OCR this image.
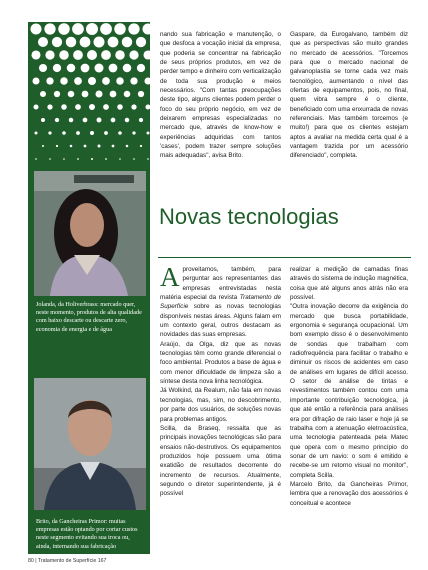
Jolanda, da Holiverbrass: mercado quer, neste momento, produtos de alta qualidade com baixo descarte ou descarte zero, economia de energia e de água
Brito, da Gancheiras Primor: muitas empresas estão optando por cortar custos neste segmento evitando sua troca ou, ainda, internando sua fabricação

nando sua fabricação e manutenção, o que desfoca a vocação inicial da empresa, que poderia se concentrar na fabricação de seus próprios produtos, em vez de perder tempo e dinheiro com verticalização de toda sua produção e meios necessários. "Com tantas preocupações deste tipo, alguns clientes podem perder o foco do seu próprio negócio, em vez de deixarem empresas especializadas no mercado que, através de know-how e experiências adquiridas com tantos 'cases', podem trazer sempre soluções mais adequadas", avisa Brito.

Gaspare, da Eurogalvano, também diz que as perspectivas são muito grandes no mercado de acessórios. "Torcemos para que o mercado nacional de galvanoplastia se torne cada vez mais tecnológico, aumentando o nível das ofertas de equipamentos, pois, no final, quem vibra sempre é o cliente, beneficiado com uma enxurrada de novas referenciais. Mas também torcemos (e muito!) para que os clientes estejam aptos a avaliar na medida certa qual é a vantagem trazida por um acessório diferenciado", completa.

Novas tecnologias

Aproveitamos, também, para perguntar aos representantes das empresas entrevistadas nesta matéria especial da revista Tratamento de Superfície sobre as novas tecnologias disponíveis nestas áreas. Alguns falam em um contexto geral, outros destacam as novidades das suas empresas.

Araújo, da Olga, diz que as novas tecnologias têm como grande diferencial o foco ambiental. Produtos a base de água e com menor dificuldade de limpeza são a síntese desta nova linha tecnológica.

Já Wolkind, da Realum, não fala em novas tecnologias, mas, sim, no descobrimento, por parte dos usuários, de soluções novas para problemas antigos.

Scilla, da Braseq, ressalta que as principais inovações tecnológicas são para ensaios não-destrutivos. Os equipamentos produzidos hoje possuem uma ótima exatidão de resultados decorrente do incremento de recursos. Atualmente, segundo o diretor superintendente, já é possível

realizar a medição de camadas finas através do sistema de indução magnética, coisa que até alguns anos atrás não era possível.

"Outra inovação decorre da exigência do mercado que busca portabilidade, ergonomia e segurança ocupacional. Um bom exemplo disso é o desenvolvimento de sondas que trabalham com radiofrequência para facilitar o trabalho e diminuir os riscos de acidentes em caso de análises em lugares de difícil acesso. O setor de análise de tintas e revestimentos também contou com uma importante contribuição tecnológica, já que até então a referência para análises era por difração de raio laser e hoje já se trabalha com a atenuação eletroacústica, uma tecnologia patenteada pela Matec que opera com o mesmo princípio do sonar de um navio: o som é emitido e recebe-se um retorno visual no monitor", completa Scilla.

Marcelo Brito, da Gancheiras Primor, lembra que a renovação dos acessórios é conceitual e acontece

80 | Tratamento de Superfície 167
